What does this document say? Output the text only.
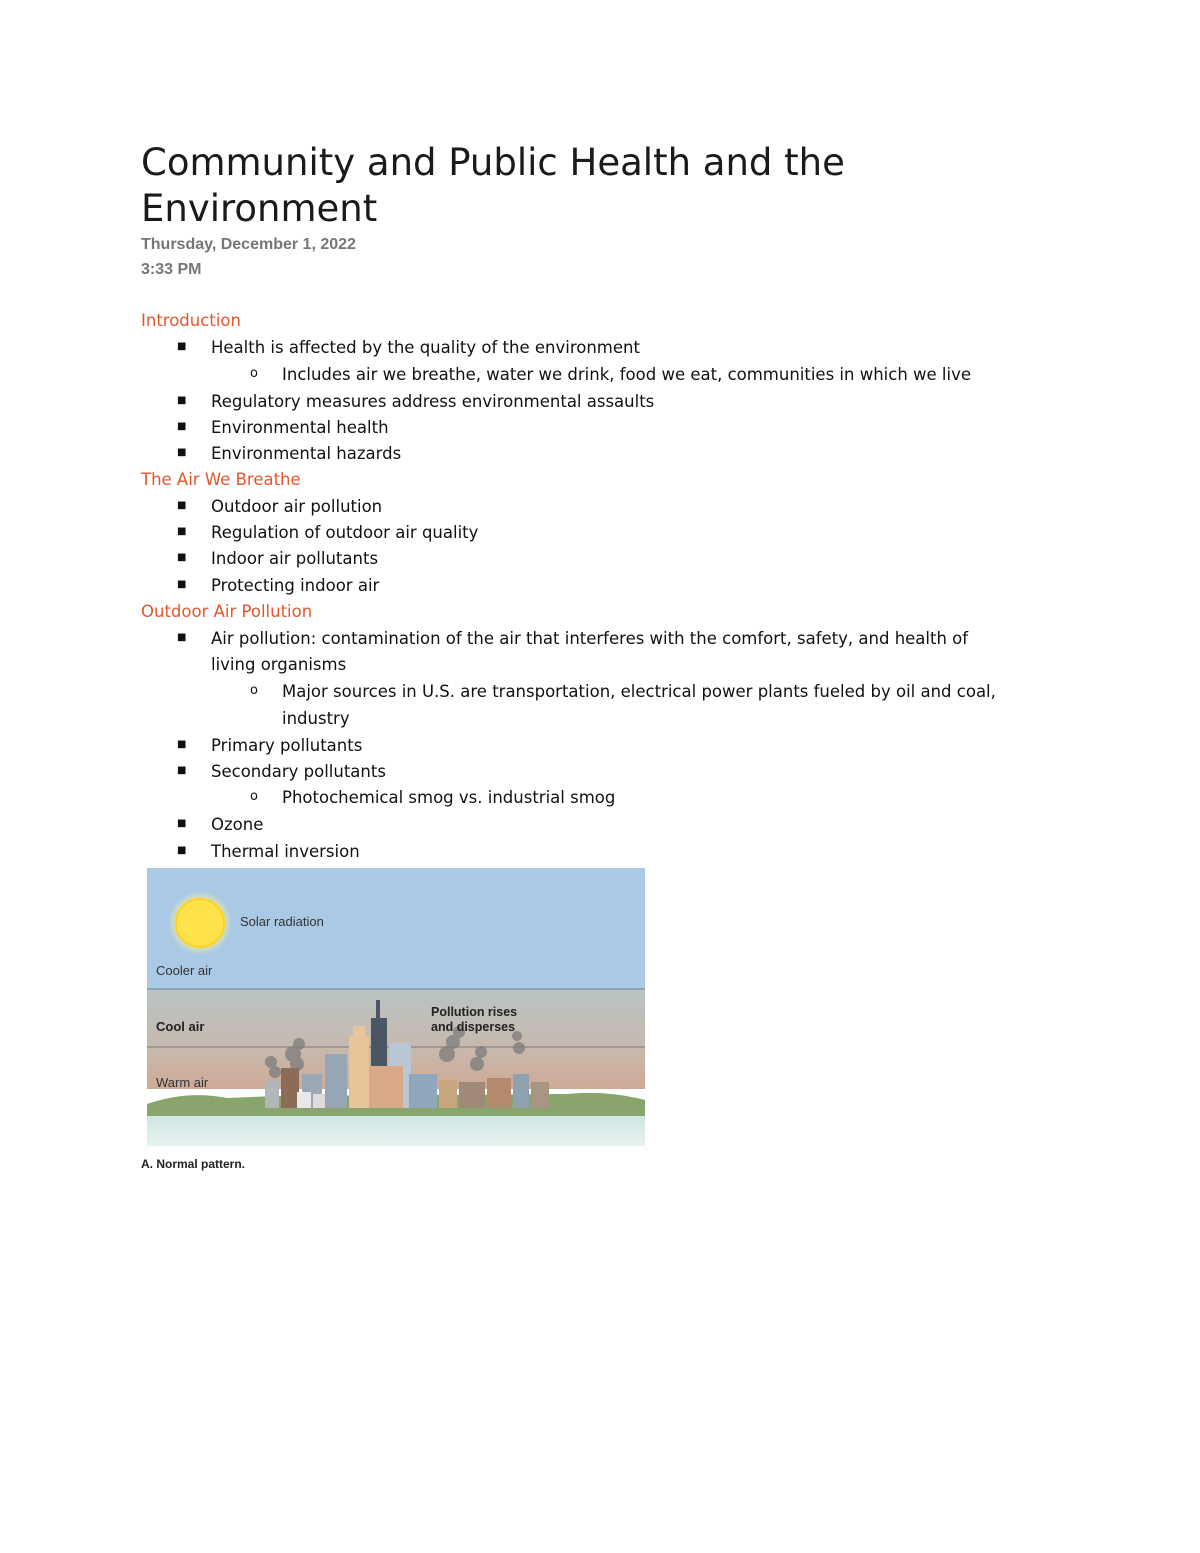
Community and Public Health and the Environment
Thursday, December 1, 2022
3:33 PM
Introduction
■ Health is affected by the quality of the environment
o Includes air we breathe, water we drink, food we eat, communities in which we live
■ Regulatory measures address environmental assaults
■ Environmental health
■ Environmental hazards
The Air We Breathe
■ Outdoor air pollution
■ Regulation of outdoor air quality
■ Indoor air pollutants
■ Protecting indoor air
Outdoor Air Pollution
■ Air pollution: contamination of the air that interferes with the comfort, safety, and health of
living organisms
o Major sources in U.S. are transportation, electrical power plants fueled by oil and coal,
industry
■ Primary pollutants
■ Secondary pollutants
o Photochemical smog vs. industrial smog
■ Ozone
■ Thermal inversion
Solar radiation
Cooler air
Cool air
Warm air
Pollution rises
and disperses
A. Normal pattern.
